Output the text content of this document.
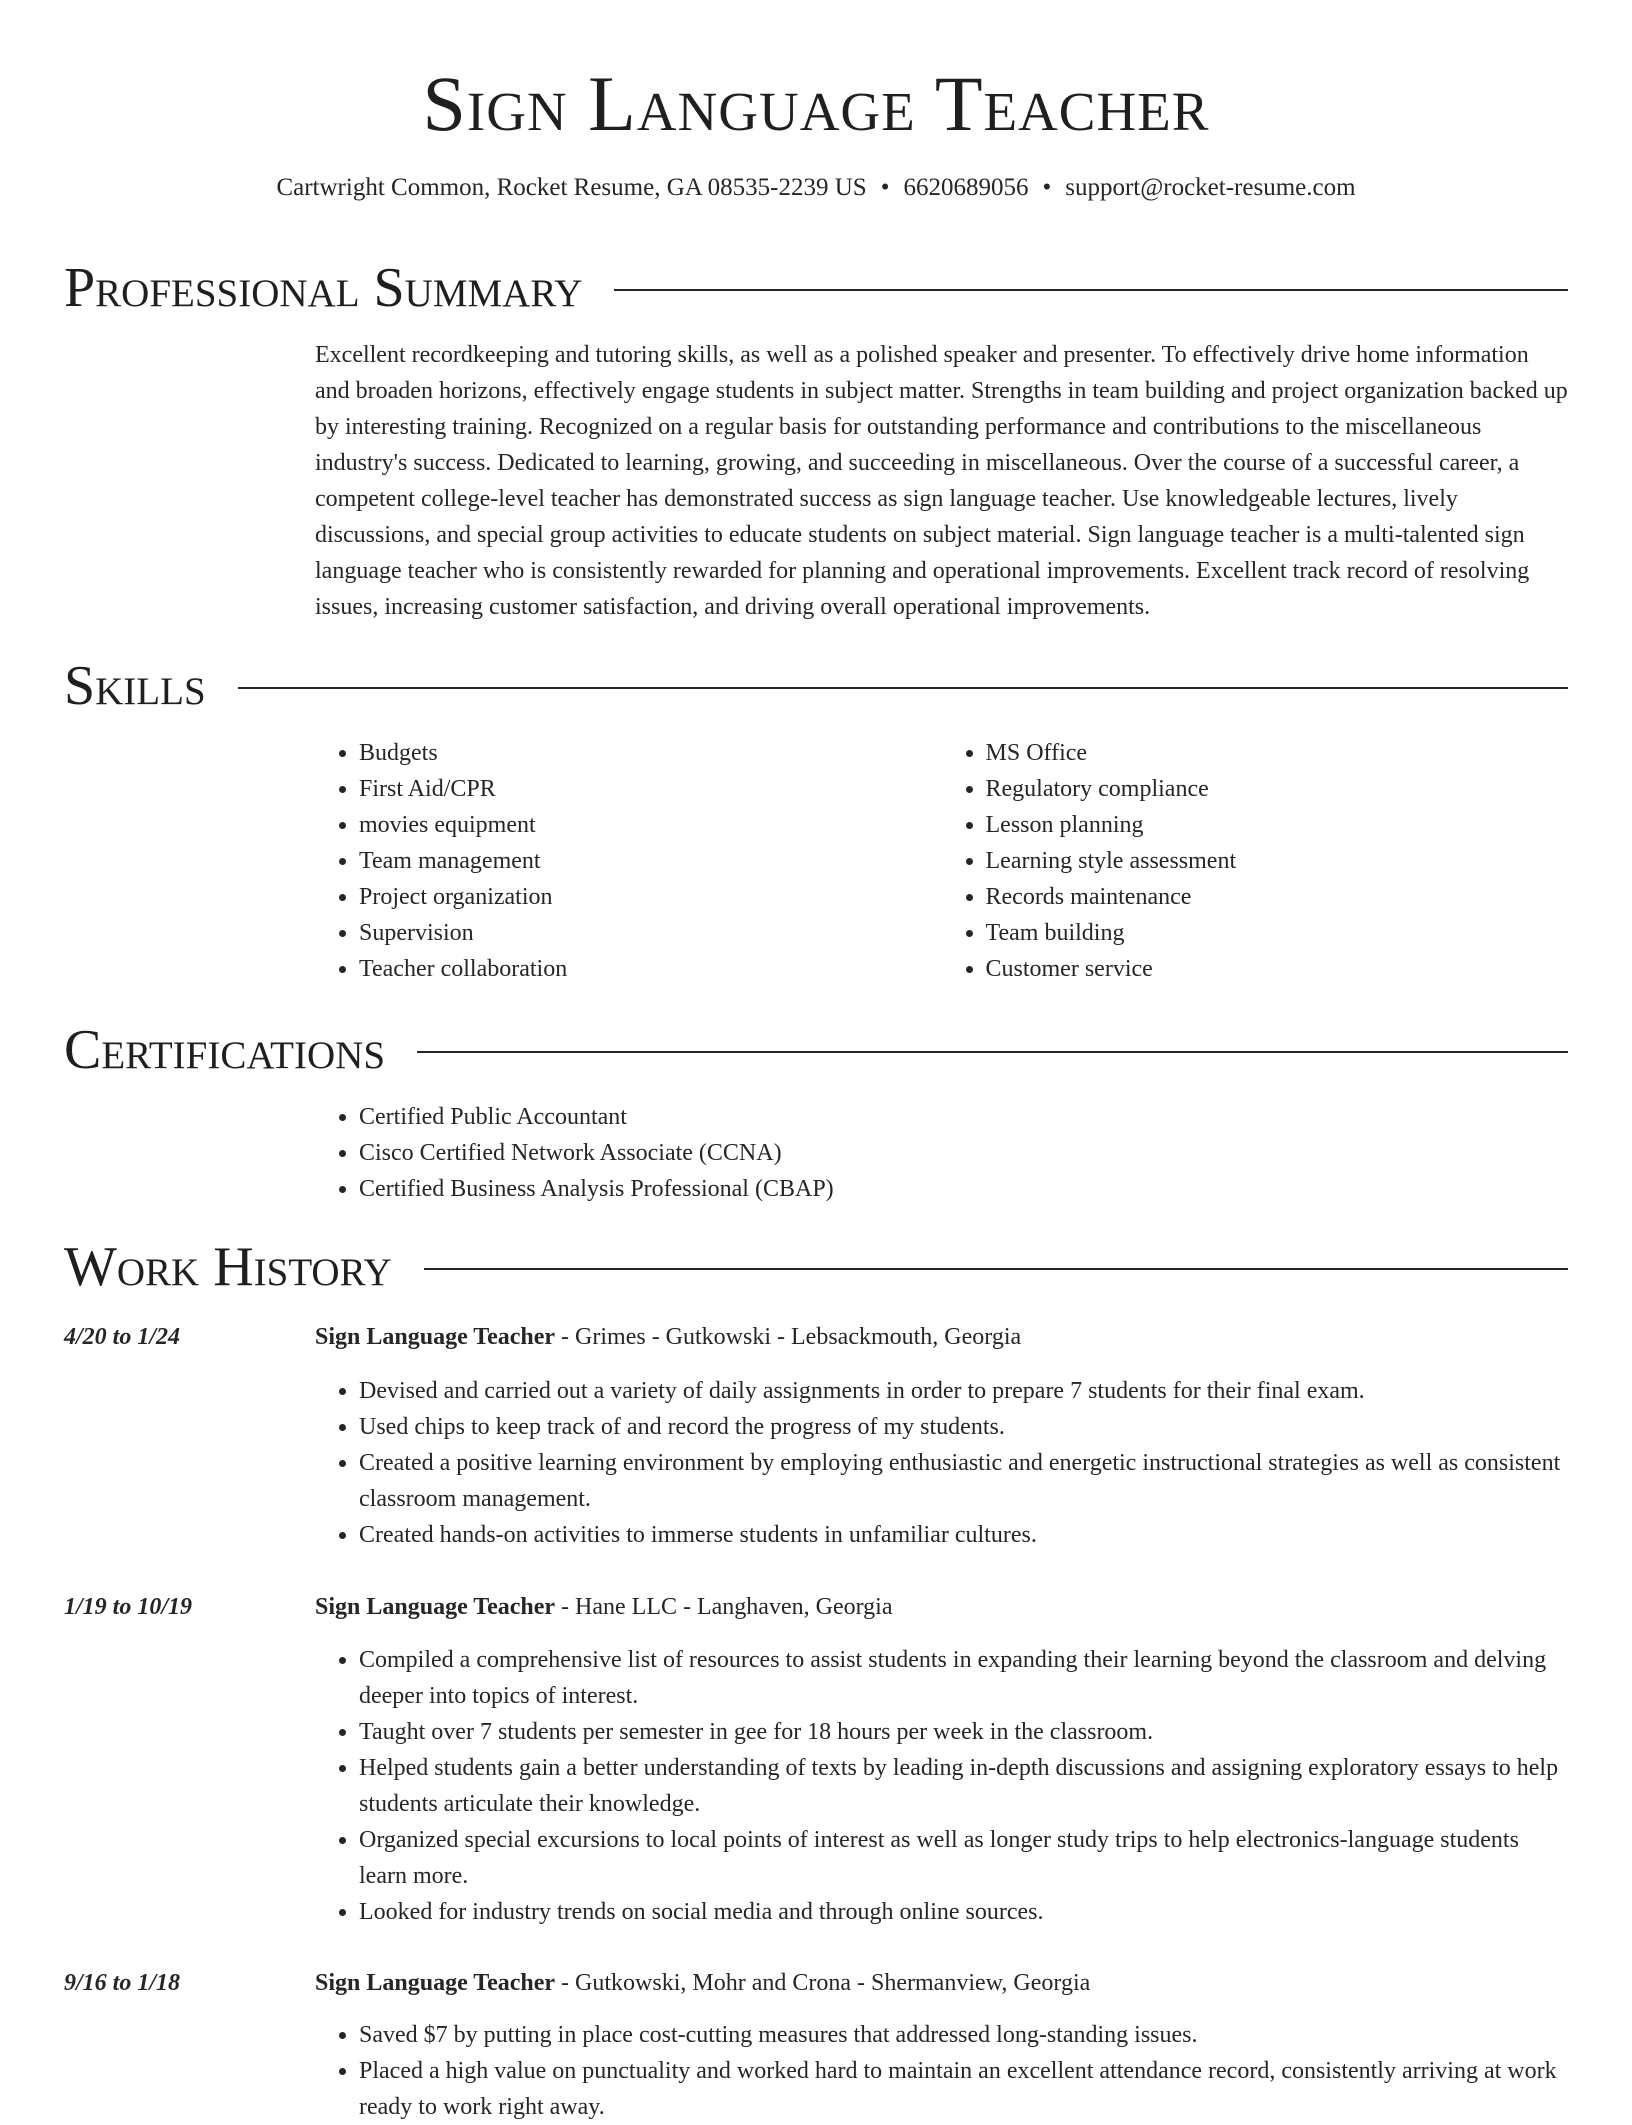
Sign Language Teacher
Cartwright Common, Rocket Resume, GA 08535-2239 US • 6620689056 • support@rocket-resume.com
Professional Summary

Excellent recordkeeping and tutoring skills, as well as a polished speaker and presenter. To effectively drive home information and broaden horizons, effectively engage students in subject matter. Strengths in team building and project organization backed up by interesting training. Recognized on a regular basis for outstanding performance and contributions to the miscellaneous industry's success. Dedicated to learning, growing, and succeeding in miscellaneous. Over the course of a successful career, a competent college-level teacher has demonstrated success as sign language teacher. Use knowledgeable lectures, lively discussions, and special group activities to educate students on subject material. Sign language teacher is a multi-talented sign language teacher who is consistently rewarded for planning and operational improvements. Excellent track record of resolving issues, increasing customer satisfaction, and driving overall operational improvements.

Skills
• Budgets
• First Aid/CPR
• movies equipment
• Team management
• Project organization
• Supervision
• Teacher collaboration
• MS Office
• Regulatory compliance
• Lesson planning
• Learning style assessment
• Records maintenance
• Team building
• Customer service
Certifications
• Certified Public Accountant
• Cisco Certified Network Associate (CCNA)
• Certified Business Analysis Professional (CBAP)
Work History
4/20 to 1/24	Sign Language Teacher - Grimes - Gutkowski - Lebsackmouth, Georgia
• Devised and carried out a variety of daily assignments in order to prepare 7 students for their final exam.
• Used chips to keep track of and record the progress of my students.
• Created a positive learning environment by employing enthusiastic and energetic instructional strategies as well as consistent classroom management.
• Created hands-on activities to immerse students in unfamiliar cultures.
1/19 to 10/19	Sign Language Teacher - Hane LLC - Langhaven, Georgia
• Compiled a comprehensive list of resources to assist students in expanding their learning beyond the classroom and delving deeper into topics of interest.
• Taught over 7 students per semester in gee for 18 hours per week in the classroom.
• Helped students gain a better understanding of texts by leading in-depth discussions and assigning exploratory essays to help students articulate their knowledge.
• Organized special excursions to local points of interest as well as longer study trips to help electronics-language students learn more.
• Looked for industry trends on social media and through online sources.
9/16 to 1/18	Sign Language Teacher - Gutkowski, Mohr and Crona - Shermanview, Georgia
• Saved $7 by putting in place cost-cutting measures that addressed long-standing issues.
• Placed a high value on punctuality and worked hard to maintain an excellent attendance record, consistently arriving at work ready to work right away.
